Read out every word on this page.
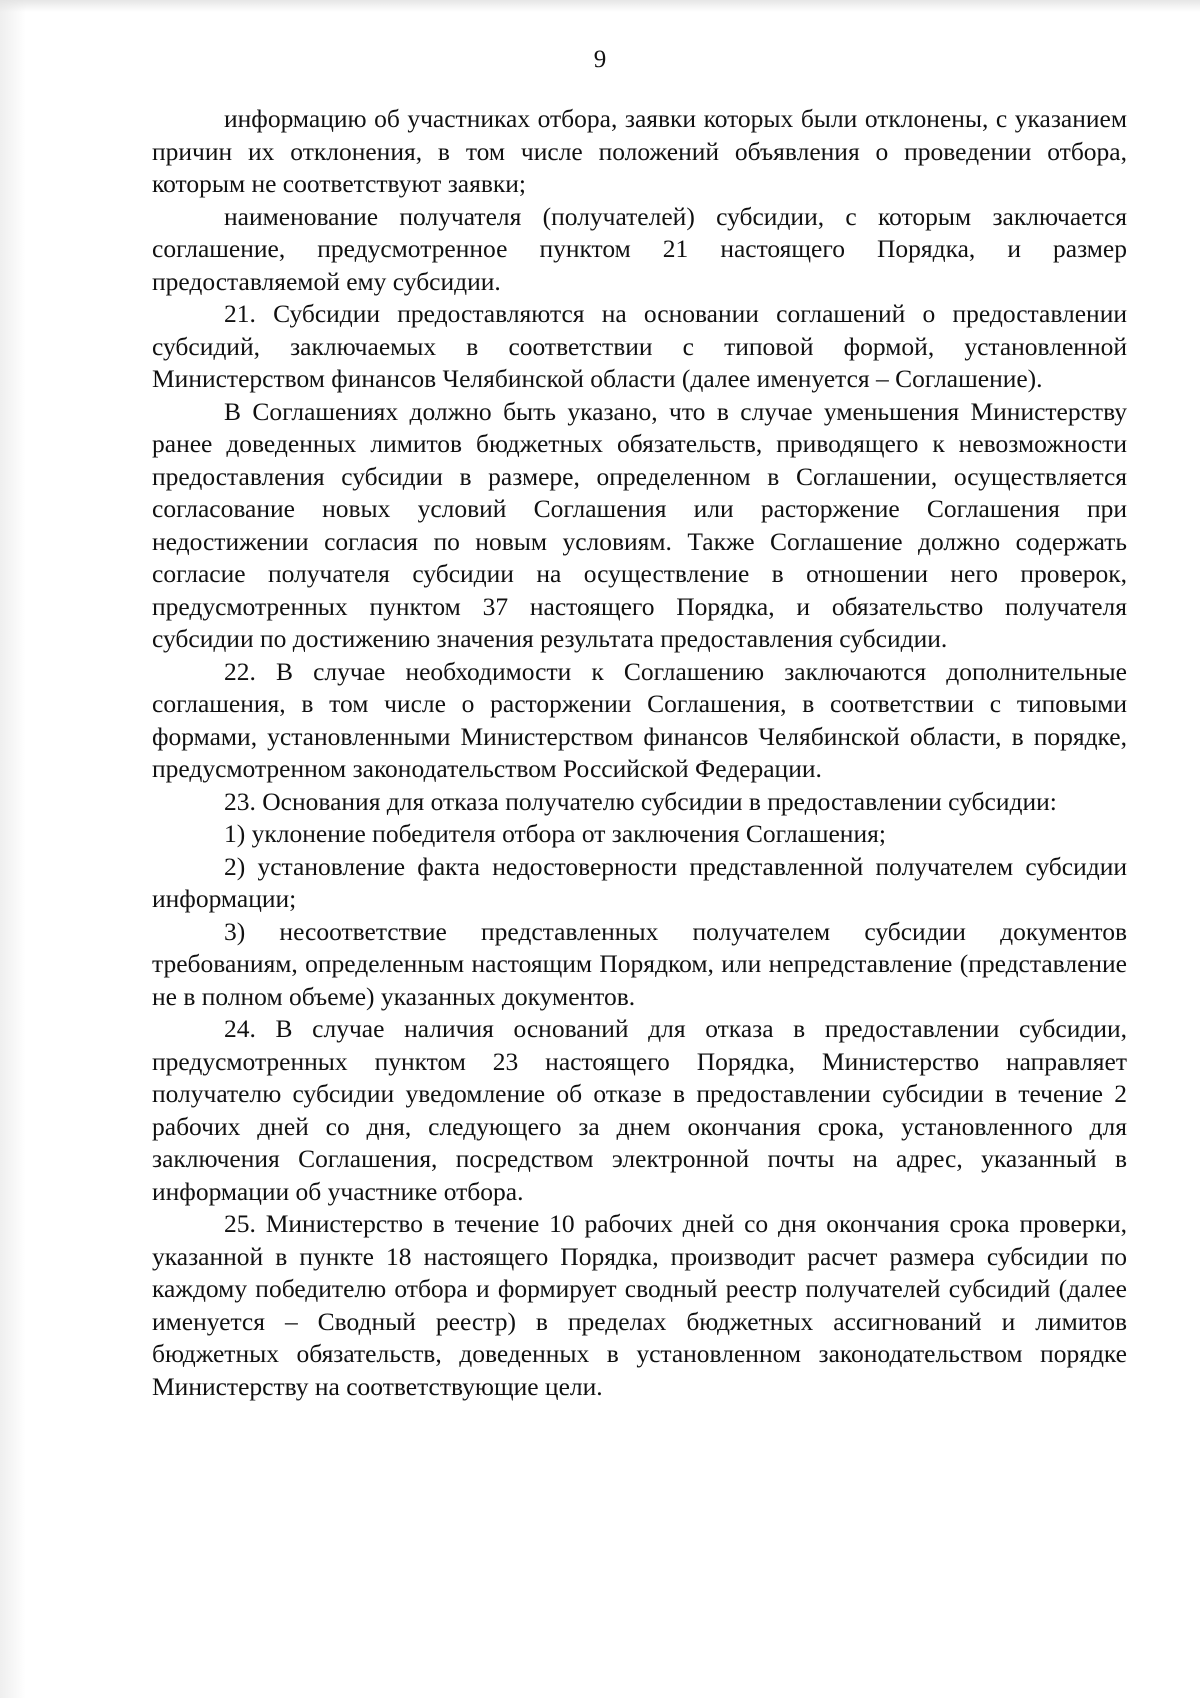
9

информацию об участниках отбора, заявки которых были отклонены, с указанием причин их отклонения, в том числе положений объявления о проведении отбора, которым не соответствуют заявки;

наименование получателя (получателей) субсидии, с которым заключается соглашение, предусмотренное пунктом 21 настоящего Порядка, и размер предоставляемой ему субсидии.

21. Субсидии предоставляются на основании соглашений о предоставлении субсидий, заключаемых в соответствии с типовой формой, установленной Министерством финансов Челябинской области (далее именуется – Соглашение).

В Соглашениях должно быть указано, что в случае уменьшения Министерству ранее доведенных лимитов бюджетных обязательств, приводящего к невозможности предоставления субсидии в размере, определенном в Соглашении, осуществляется согласование новых условий Соглашения или расторжение Соглашения при недостижении согласия по новым условиям. Также Соглашение должно содержать согласие получателя субсидии на осуществление в отношении него проверок, предусмотренных пунктом 37 настоящего Порядка, и обязательство получателя субсидии по достижению значения результата предоставления субсидии.

22. В случае необходимости к Соглашению заключаются дополнительные соглашения, в том числе о расторжении Соглашения, в соответствии с типовыми формами, установленными Министерством финансов Челябинской области, в порядке, предусмотренном законодательством Российской Федерации.

23. Основания для отказа получателю субсидии в предоставлении субсидии:

1) уклонение победителя отбора от заключения Соглашения;

2) установление факта недостоверности представленной получателем субсидии информации;

3) несоответствие представленных получателем субсидии документов требованиям, определенным настоящим Порядком, или непредставление (представление не в полном объеме) указанных документов.

24. В случае наличия оснований для отказа в предоставлении субсидии, предусмотренных пунктом 23 настоящего Порядка, Министерство направляет получателю субсидии уведомление об отказе в предоставлении субсидии в течение 2 рабочих дней со дня, следующего за днем окончания срока, установленного для заключения Соглашения, посредством электронной почты на адрес, указанный в информации об участнике отбора.

25. Министерство в течение 10 рабочих дней со дня окончания срока проверки, указанной в пункте 18 настоящего Порядка, производит расчет размера субсидии по каждому победителю отбора и формирует сводный реестр получателей субсидий (далее именуется – Сводный реестр) в пределах бюджетных ассигнований и лимитов бюджетных обязательств, доведенных в установленном законодательством порядке Министерству на соответствующие цели.
